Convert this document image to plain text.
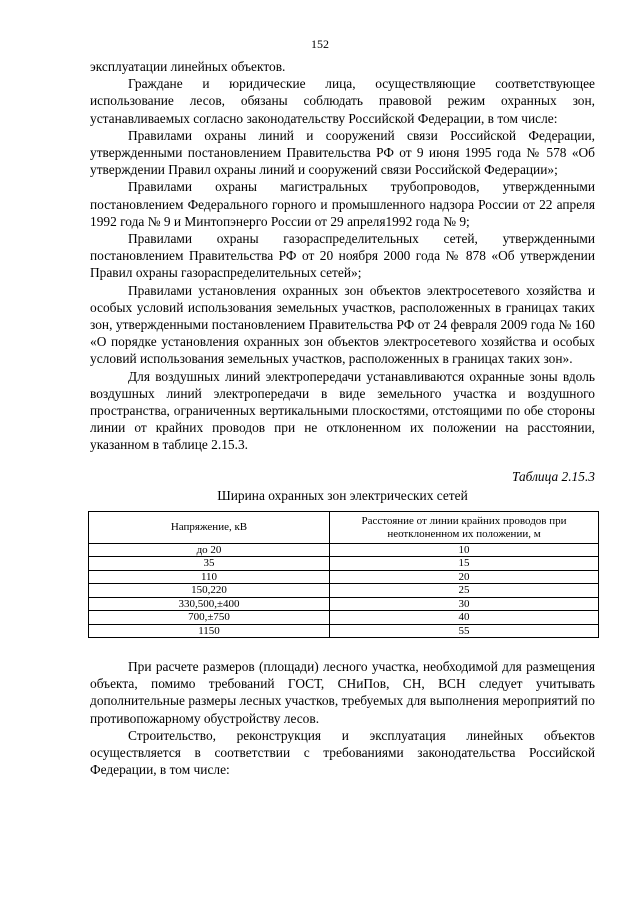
152

эксплуатации линейных объектов.

Граждане и юридические лица, осуществляющие соответствующее использование лесов, обязаны соблюдать правовой режим охранных зон, устанавливаемых согласно законодательству Российской Федерации, в том числе:

Правилами охраны линий и сооружений связи Российской Федерации, утвержденными постановлением Правительства РФ от 9 июня 1995 года № 578 «Об утверждении Правил охраны линий и сооружений связи Российской Федерации»;

Правилами охраны магистральных трубопроводов, утвержденными постановлением Федерального горного и промышленного надзора России от 22 апреля 1992 года № 9 и Минтопэнерго России от 29 апреля1992 года № 9;

Правилами охраны газораспределительных сетей, утвержденными постановлением Правительства РФ от 20 ноября 2000 года № 878 «Об утверждении Правил охраны газораспределительных сетей»;

Правилами установления охранных зон объектов электросетевого хозяйства и особых условий использования земельных участков, расположенных в границах таких зон, утвержденными постановлением Правительства РФ от 24 февраля 2009 года № 160 «О порядке установления охранных зон объектов электросетевого хозяйства и особых условий использования земельных участков, расположенных в границах таких зон».

Для воздушных линий электропередачи устанавливаются охранные зоны вдоль воздушных линий электропередачи в виде земельного участка и воздушного пространства, ограниченных вертикальными плоскостями, отстоящими по обе стороны линии от крайних проводов при не отклоненном их положении на расстоянии, указанном в таблице 2.15.3.

Таблица 2.15.3
Ширина охранных зон электрических сетей
Напряжение, кВ	Расстояние от линии крайних проводов при неотклоненном их положении, м
до 20	10
35	15
110	20
150,220	25
330,500,±400	30
700,±750	40
1150	55

При расчете размеров (площади) лесного участка, необходимой для размещения объекта, помимо требований ГОСТ, СНиПов, СН, ВСН следует учитывать дополнительные размеры лесных участков, требуемых для выполнения мероприятий по противопожарному обустройству лесов.

Строительство, реконструкция и эксплуатация линейных объектов осуществляется в соответствии с требованиями законодательства Российской Федерации, в том числе:
